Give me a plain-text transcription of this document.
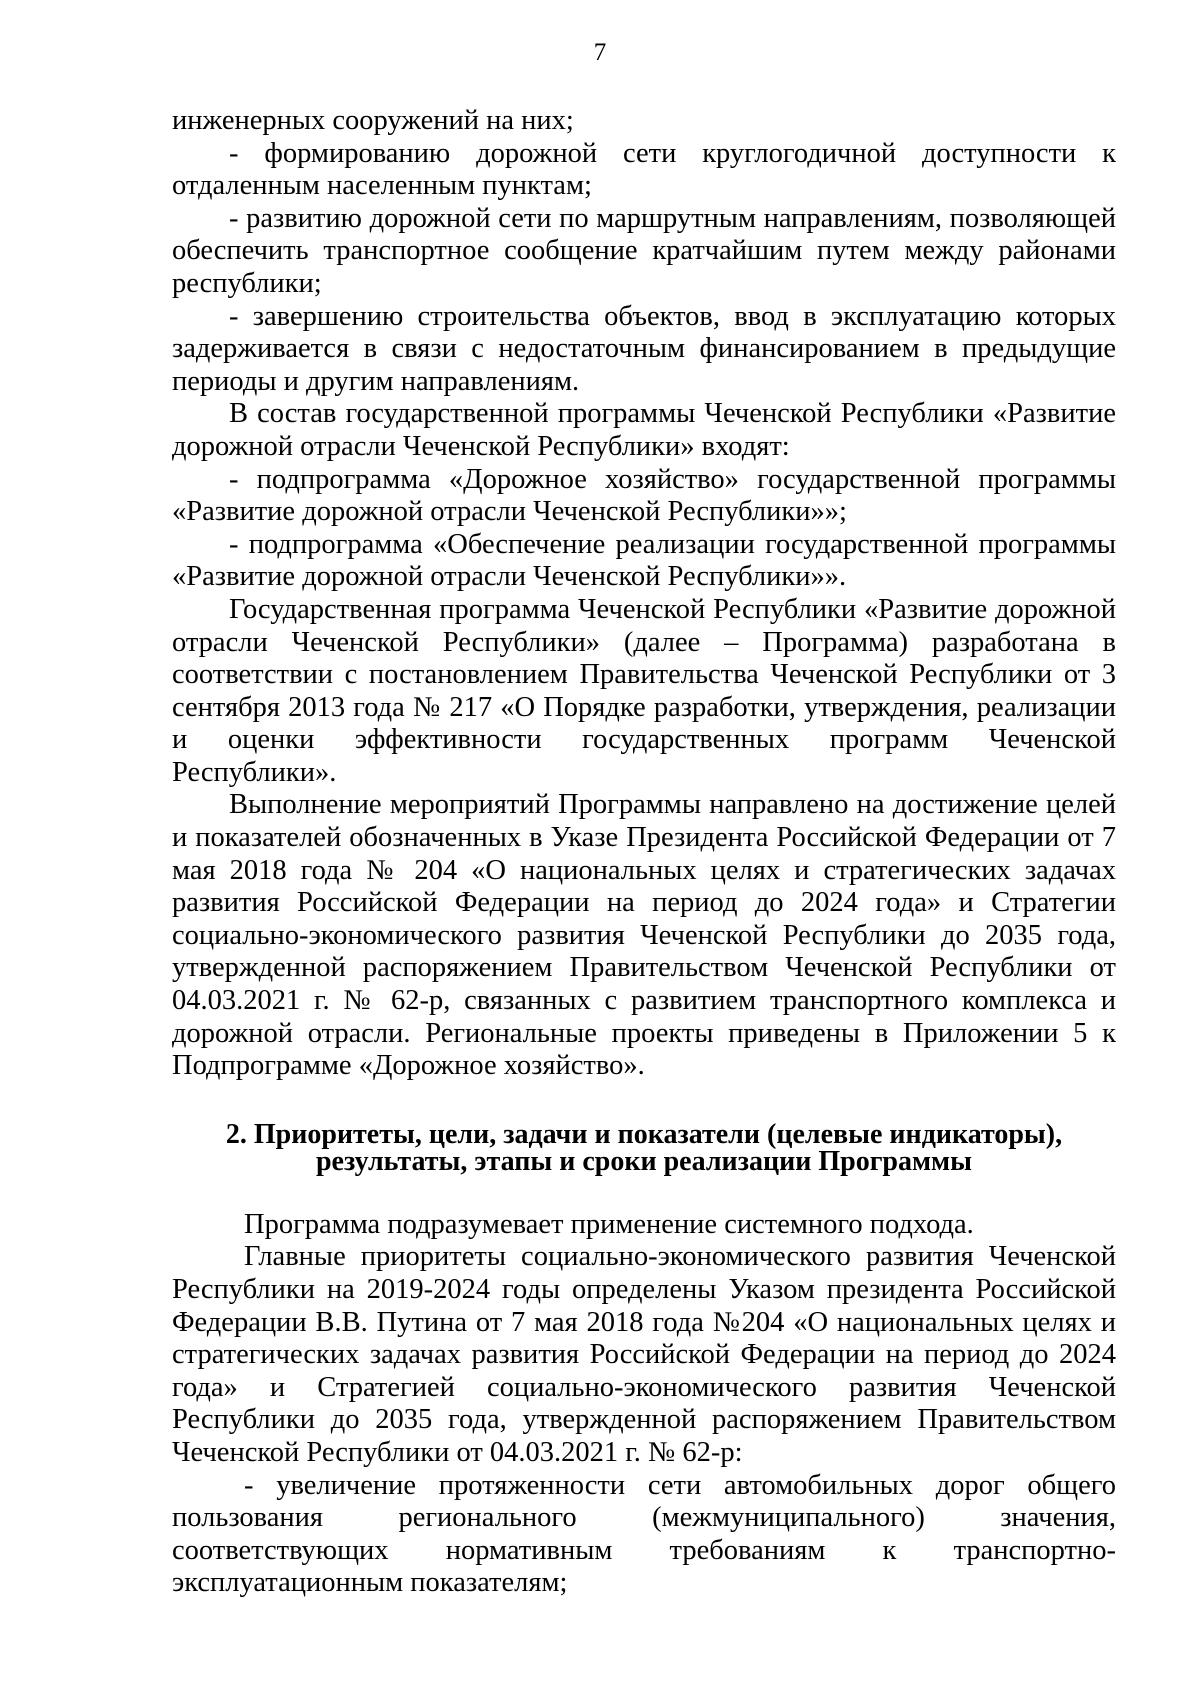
7

инженерных сооружений на них;

- формированию дорожной сети круглогодичной доступности к отдаленным населенным пунктам;

- развитию дорожной сети по маршрутным направлениям, позволяющей обеспечить транспортное сообщение кратчайшим путем между районами республики;

- завершению строительства объектов, ввод в эксплуатацию которых задерживается в связи с недостаточным финансированием в предыдущие периоды и другим направлениям.

В состав государственной программы Чеченской Республики «Развитие дорожной отрасли Чеченской Республики» входят:

- подпрограмма «Дорожное хозяйство» государственной программы «Развитие дорожной отрасли Чеченской Республики»»;

- подпрограмма «Обеспечение реализации государственной программы «Развитие дорожной отрасли Чеченской Республики»».

Государственная программа Чеченской Республики «Развитие дорожной отрасли Чеченской Республики» (далее – Программа) разработана в соответствии с постановлением Правительства Чеченской Республики от 3 сентября 2013 года № 217 «О Порядке разработки, утверждения, реализации и оценки эффективности государственных программ Чеченской Республики».

Выполнение мероприятий Программы направлено на достижение целей и показателей обозначенных в Указе Президента Российской Федерации от 7 мая 2018 года № 204 «О национальных целях и стратегических задачах развития Российской Федерации на период до 2024 года» и Стратегии социально-экономического развития Чеченской Республики до 2035 года, утвержденной распоряжением Правительством Чеченской Республики от 04.03.2021 г. № 62-р, связанных с развитием транспортного комплекса и дорожной отрасли. Региональные проекты приведены в Приложении 5 к Подпрограмме «Дорожное хозяйство».

2. Приоритеты, цели, задачи и показатели (целевые индикаторы),
результаты, этапы и сроки реализации Программы

Программа подразумевает применение системного подхода.

Главные приоритеты социально-экономического развития Чеченской Республики на 2019-2024 годы определены Указом президента Российской Федерации В.В. Путина от 7 мая 2018 года №204 «О национальных целях и стратегических задачах развития Российской Федерации на период до 2024 года» и Стратегией социально-экономического развития Чеченской Республики до 2035 года, утвержденной распоряжением Правительством Чеченской Республики от 04.03.2021 г. № 62-р:

- увеличение протяженности сети автомобильных дорог общего пользования регионального (межмуниципального) значения, соответствующих нормативным требованиям к транспортно-эксплуатационным показателям;
